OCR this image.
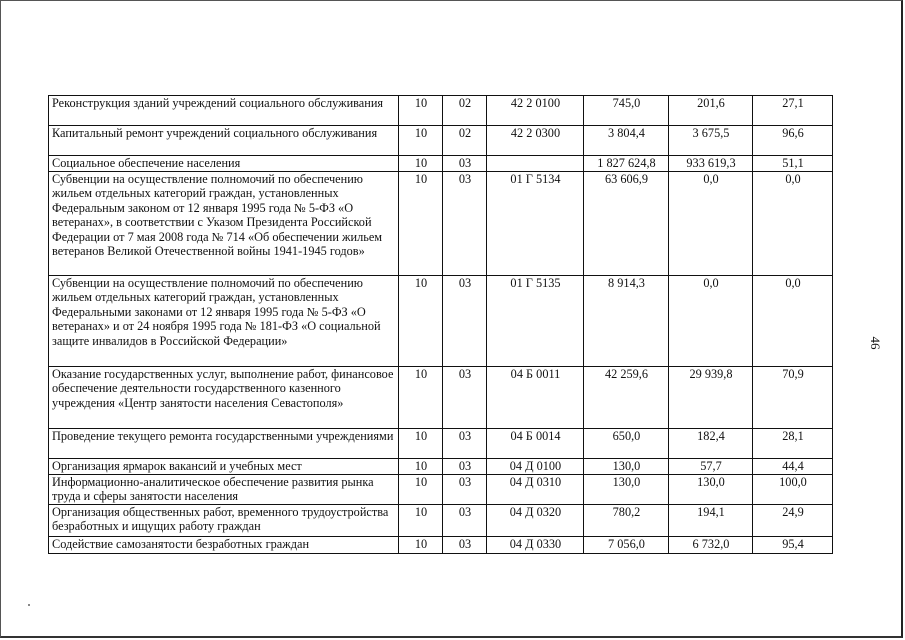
46
Реконструкция зданий учреждений социального обслуживания	10	02	42 2 0100	745,0	201,6	27,1
Капитальный ремонт учреждений социального обслуживания	10	02	42 2 0300	3 804,4	3 675,5	96,6
Социальное обеспечение населения	10	03		1 827 624,8	933 619,3	51,1
Субвенции на осуществление полномочий по обеспечению жильем отдельных категорий граждан, установленных Федеральным законом от 12 января 1995 года № 5-ФЗ «О ветеранах», в соответствии с Указом Президента Российской Федерации от 7 мая 2008 года № 714 «Об обеспечении жильем ветеранов Великой Отечественной войны 1941-1945 годов»	10	03	01 Г 5134	63 606,9	0,0	0,0
Субвенции на осуществление полномочий по обеспечению жильем отдельных категорий граждан, установленных Федеральными законами от 12 января 1995 года № 5-ФЗ «О ветеранах» и от 24 ноября 1995 года № 181-ФЗ «О социальной защите инвалидов в Российской Федерации»	10	03	01 Г 5135	8 914,3	0,0	0,0
Оказание государственных услуг, выполнение работ, финансовое обеспечение деятельности государственного казенного учреждения «Центр занятости населения Севастополя»	10	03	04 Б 0011	42 259,6	29 939,8	70,9
Проведение текущего ремонта государственными учреждениями	10	03	04 Б 0014	650,0	182,4	28,1
Организация ярмарок вакансий и учебных мест	10	03	04 Д 0100	130,0	57,7	44,4
Информационно-аналитическое обеспечение развития рынка труда и сферы занятости населения	10	03	04 Д 0310	130,0	130,0	100,0
Организация общественных работ, временного трудоустройства безработных и ищущих работу граждан	10	03	04 Д 0320	780,2	194,1	24,9
Содействие самозанятости безработных граждан	10	03	04 Д 0330	7 056,0	6 732,0	95,4
